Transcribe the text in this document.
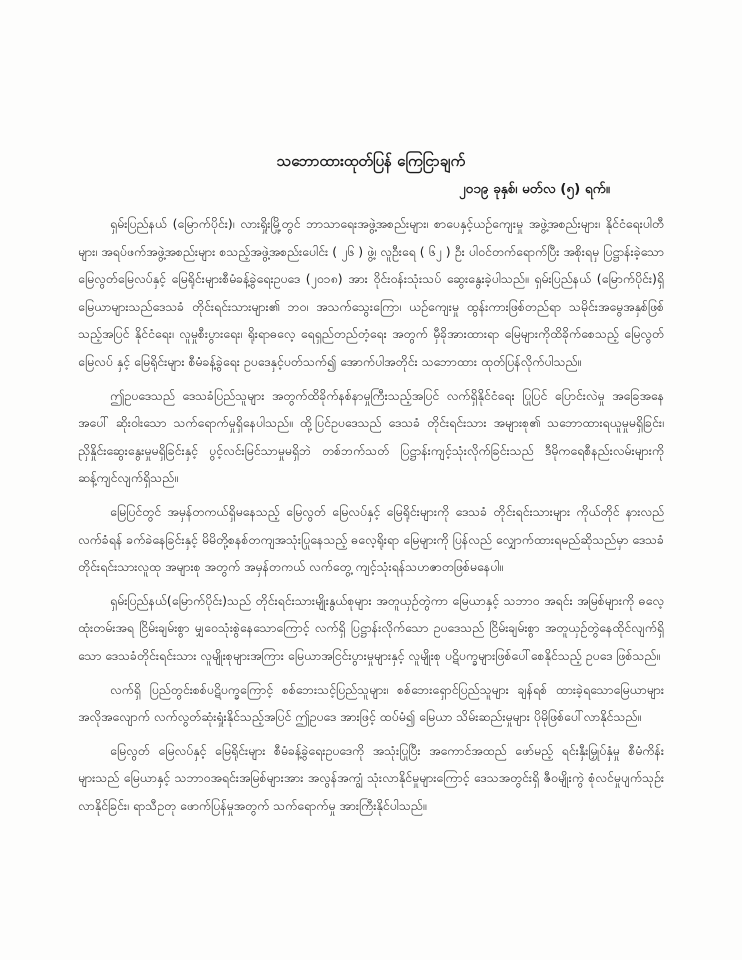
သဘောထားထုတ်ပြန် ကြေငြာချက်
၂၀၁၉ ခုနှစ်၊ မတ်လ (၅) ရက်။

ရှမ်းပြည်နယ် (မြောက်ပိုင်း)၊ လားရှိုးမြို့တွင် ဘာသာရေးအဖွဲ့အစည်းများ၊ စာပေနှင့်ယဉ်ကျေးမှု အဖွဲ့အစည်းများ၊ နိုင်ငံရေးပါတီများ၊ အရပ်ဖက်အဖွဲ့အစည်းများ စသည့်အဖွဲ့အစည်းပေါင်း ( ၂၆ ) ဖွဲ့၊ လူဦးရေ ( ၆၂ ) ဦး ပါဝင်တက်ရောက်ပြီး အစိုးရမှ ပြဋ္ဌာန်းခဲ့သော မြေလွတ်မြေလပ်နှင့် မြေရိုင်းများစီမံခန့်ခွဲရေးဥပဒေ (၂၀၁၈) အား ဝိုင်းဝန်းသုံးသပ် ဆွေးနွေးခဲ့ပါသည်။ ရှမ်းပြည်နယ် (မြောက်ပိုင်း)ရှိ မြေယာများသည်ဒေသခံ တိုင်းရင်းသားများ၏ ဘဝ၊ အသက်သွေးကြော၊ ယဉ်ကျေးမှု ထွန်းကားဖြစ်တည်ရာ သမိုင်းအမွေအနှစ်ဖြစ်သည့်အပြင် နိုင်ငံရေး၊ လူမှုစီးပွားရေး၊ ရိုးရာဓလေ့ ရေရှည်တည်တံ့ရေး အတွက် မှီခိုအားထားရာ မြေများကိုထိခိုက်စေသည့် မြေလွတ် မြေလပ် နှင့် မြေရိုင်းများ စီမံခန့်ခွဲရေး ဥပဒေနှင့်ပတ်သက်၍ အောက်ပါအတိုင်း သဘောထား ထုတ်ပြန်လိုက်ပါသည်။

ဤဥပဒေသည် ဒေသခံပြည်သူများ အတွက်ထိခိုက်နစ်နာမှုကြီးသည့်အပြင် လက်ရှိနိုင်ငံရေး ပြုပြင် ပြောင်းလဲမှု အခြေအနေအပေါ် ဆိုးဝါးသော သက်ရောက်မှုရှိနေပါသည်။ ထို့ပြင်ဥပဒေသည် ဒေသခံ တိုင်းရင်းသား အများစု၏ သဘောထားရယူမှုမရှိခြင်း၊ ညှိနှိုင်းဆွေးနွေးမှုမရှိခြင်းနှင့် ပွင့်လင်းမြင်သာမှုမရှိဘဲ တစ်ဘက်သတ် ပြဋ္ဌာန်းကျင့်သုံးလိုက်ခြင်းသည် ဒီမိုကရေစီနည်းလမ်းများကို ဆန့်ကျင်လျက်ရှိသည်။

မြေပြင်တွင် အမှန်တကယ်ရှိမနေသည့် မြေလွတ် မြေလပ်နှင့် မြေရိုင်းများကို ဒေသခံ တိုင်းရင်းသားများ ကိုယ်တိုင် နားလည်လက်ခံရန် ခက်ခဲနေခြင်းနှင့် မိမိတို့စနစ်တကျအသုံးပြုနေသည့် ဓလေ့ရိုးရာ မြေများကို ပြန်လည် လျှောက်ထားရမည်ဆိုသည်မှာ ဒေသခံတိုင်းရင်းသားလူထု အများစု အတွက် အမှန်တကယ် လက်တွေ့ ကျင့်သုံးရန်သဟဇာတဖြစ်မနေပါ။

ရှမ်းပြည်နယ်(မြောက်ပိုင်း)သည် တိုင်းရင်းသားမျိုးနွယ်စုများ အတူယှဉ်တွဲကာ မြေယာနှင့် သဘာဝ အရင်း အမြစ်များကို ဓလေ့ထုံးတမ်းအရ ငြိမ်းချမ်းစွာ မျှဝေသုံးစွဲနေသောကြောင့် လက်ရှိ ပြဋ္ဌာန်းလိုက်သော ဥပဒေသည် ငြိမ်းချမ်းစွာ အတူယှဉ်တွဲနေထိုင်လျက်ရှိသော ဒေသခံတိုင်းရင်းသား လူမျိုးစုများအကြား မြေယာအငြင်းပွားမှုများနှင့် လူမျိုးစု ပဋိပက္ခများဖြစ်ပေါ်စေနိုင်သည့် ဥပဒေ ဖြစ်သည်။

လက်ရှိ ပြည်တွင်းစစ်ပဋိပက္ခကြောင့် စစ်ဘေးသင့်ပြည်သူများ၊ စစ်ဘေးရှောင်ပြည်သူများ ချန်ရစ် ထားခဲ့ရသောမြေယာများ အလိုအလျောက် လက်လွတ်ဆုံးရှုံးနိုင်သည့်အပြင် ဤဥပဒေ အားဖြင့် ထပ်မံ၍ မြေယာ သိမ်းဆည်းမှုများ ပိုမိုဖြစ်ပေါ်လာနိုင်သည်။

မြေလွတ် မြေလပ်နှင့် မြေရိုင်းများ စီမံခန့်ခွဲရေးဥပဒေကို အသုံးပြုပြီး အကောင်အထည် ဖော်မည့် ရင်းနှီးမြှုပ်နှံမှု စီမံကိန်းများသည် မြေယာနှင့် သဘာဝအရင်းအမြစ်များအား အလွန်အကျွံ သုံးလာနိုင်မှုများကြောင့် ဒေသအတွင်းရှိ ဇီဝမျိုးကွဲ စုံလင်မှုပျက်သုဉ်းလာနိုင်ခြင်း၊ ရာသီဥတု ဖောက်ပြန်မှုအတွက် သက်ရောက်မှု အားကြီးနိုင်ပါသည်။
